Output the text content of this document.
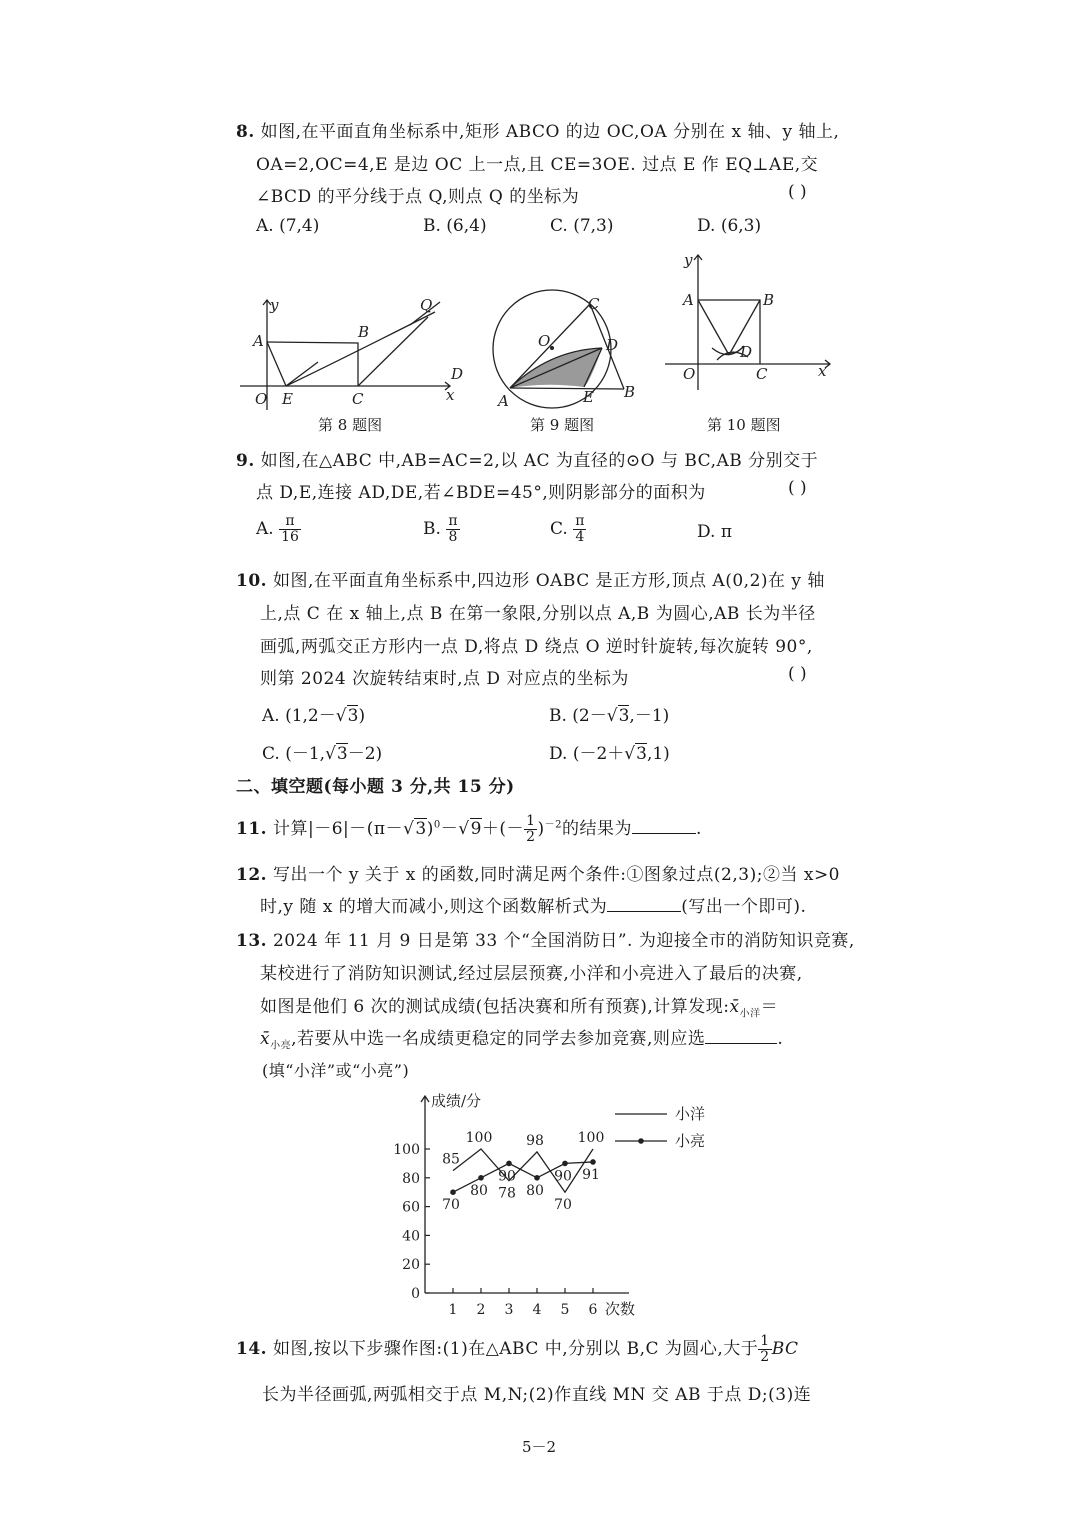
8. 如图,在平面直角坐标系中,矩形 ABCO 的边 OC,OA 分别在 x 轴、y 轴上,
OA=2,OC=4,E 是边 OC 上一点,且 CE=3OE. 过点 E 作 EQ⊥AE,交
∠BCD 的平分线于点 Q,则点 Q 的坐标为	( )
A. (7,4)	B. (6,4)	C. (7,3)	D. (6,3)
y
A	B
Q
D
O E	C	x
第 8 题图
C
O	D
A	E B
第 9 题图
y
A	B
D
O	C	x
第 10 题图
9. 如图,在△ABC 中,AB=AC=2,以 AC 为直径的⊙O 与 BC,AB 分别交于
点 D,E,连接 AD,DE,若∠BDE=45°,则阴影部分的面积为	( )
A. $\frac{\pi}{16}$	B. $\frac{\pi}{8}$	C. $\frac{\pi}{4}$	D. π
10. 如图,在平面直角坐标系中,四边形 OABC 是正方形,顶点 A(0,2)在 y 轴
上,点 C 在 x 轴上,点 B 在第一象限,分别以点 A,B 为圆心,AB 长为半径
画弧,两弧交正方形内一点 D,将点 D 绕点 O 逆时针旋转,每次旋转 90°,
则第 2024 次旋转结束时,点 D 对应点的坐标为	( )
A. (1,2－√3)	B. (2－√3,－1)
C. (－1,√3－2)	D. (－2＋√3,1)
二、填空题(每小题 3 分,共 15 分)
11. 计算$|-6|-(\pi-√3)^0-√9+(- \frac{1}{2} )^{-2}$的结果为	.
12. 写出一个 y 关于 x 的函数,同时满足两个条件:①图象过点(2,3);②当 x>0
时,y 随 x 的增大而减小,则这个函数解析式为	(写出一个即可).
13. 2024 年 11 月 9 日是第 33 个“全国消防日”. 为迎接全市的消防知识竞赛,
某校进行了消防知识测试,经过层层预赛,小洋和小亮进入了最后的决赛,
如图是他们 6 次的测试成绩(包括决赛和所有预赛),计算发现$:x̄_{小洋}=$
$x̄_{小亮}$,若要从中选一名成绩更稳定的同学去参加竞赛,则应选	.
(填“小洋”或“小亮”)
成绩/分
次数
0
20
40
60
80
100
1 2 3 4 5 6
85
70
100
80
90
78
98
80
90
70
100
91
小洋
小亮
14. 如图,按以下步骤作图:(1)在△ABC 中,分别以 B,C 为圆心,大于 $\frac{1}{2}$ BC
长为半径画弧,两弧相交于点 M,N;(2)作直线 MN 交 AB 于点 D;(3)连
5－2
